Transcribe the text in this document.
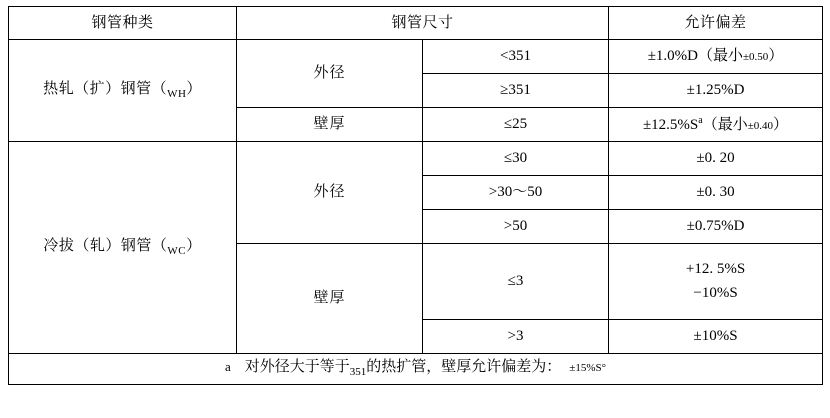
钢管种类	钢管尺寸		允许偏差
热轧（扩）钢管$(_{WH})$	外径	<351	±1.0%D（最小±0.50）
		≥351	±1.25%D
	壁厚	≤25	$\pm 12.5\%S^a$（最小±0.40）
冷拔（轧）钢管$(_{WC})$	外径	≤30	±0. 20
		>30～50	±0. 30
		>50	±0.75%D
	壁厚	≤3	+12. 5%S
−10%S

		>3	±10%S
a 对外径大于等于$_{351}$的热扩管，壁厚允许偏差为： ±15%S°			
